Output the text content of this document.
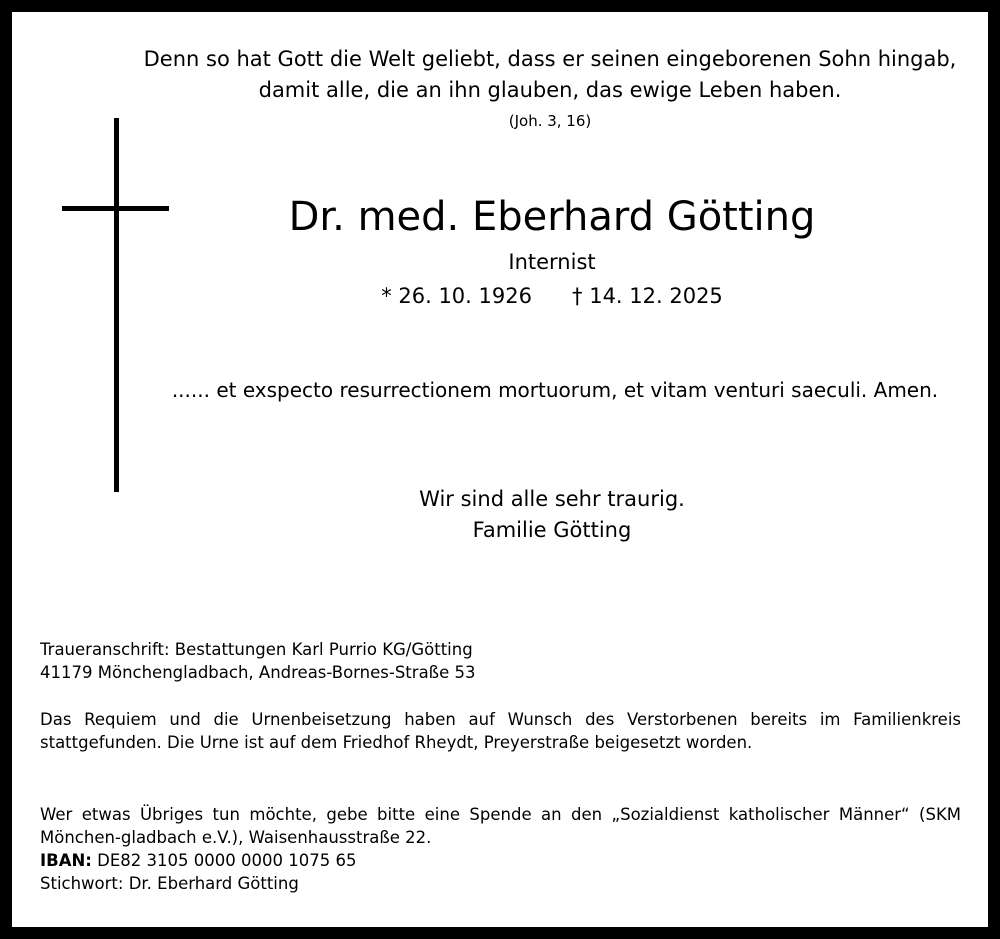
Denn so hat Gott die Welt geliebt, dass er seinen eingeborenen Sohn hingab,
damit alle, die an ihn glauben, das ewige Leben haben.
(Joh. 3, 16)
Dr. med. Eberhard Götting
Internist
* 26. 10. 1926 † 14. 12. 2025
...... et exspecto resurrectionem mortuorum, et vitam venturi saeculi. Amen.
Wir sind alle sehr traurig.
Familie Götting

Traueranschrift: Bestattungen Karl Purrio KG/Götting

41179 Mönchengladbach, Andreas-Bornes-Straße 53

Das Requiem und die Urnenbeisetzung haben auf Wunsch des Verstorbenen bereits im Familienkreis stattgefunden. Die Urne ist auf dem Friedhof Rheydt, Preyerstraße beigesetzt worden.

Wer etwas Übriges tun möchte, gebe bitte eine Spende an den „Sozialdienst katholischer Männer“ (SKM Mönchen-gladbach e.V.), Waisenhausstraße 22.

IBAN: DE82 3105 0000 0000 1075 65

Stichwort: Dr. Eberhard Götting
